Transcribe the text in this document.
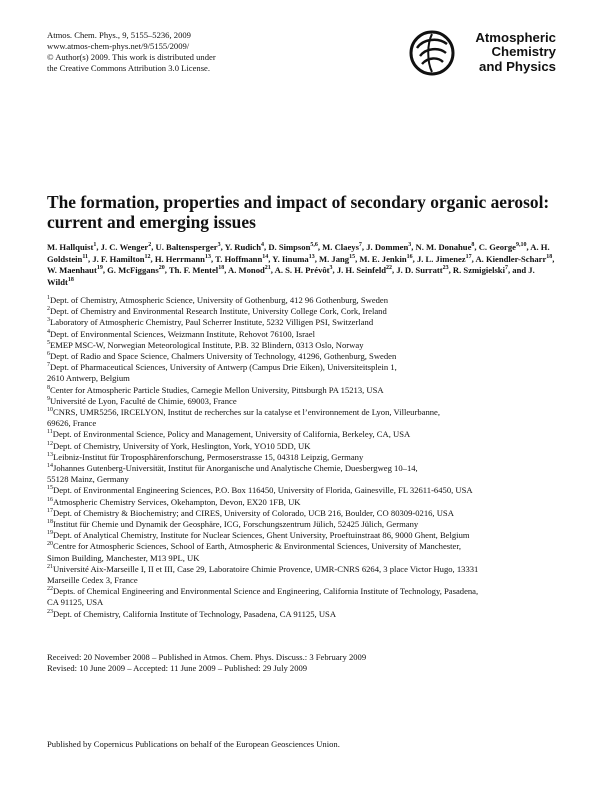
Atmos. Chem. Phys., 9, 5155–5236, 2009
www.atmos-chem-phys.net/9/5155/2009/
© Author(s) 2009. This work is distributed under
the Creative Commons Attribution 3.0 License.
Atmospheric
Chemistry
and Physics
The formation, properties and impact of secondary organic aerosol:
current and emerging issues
M. Hallquist$^1$, J. C. Wenger$^2$, U. Baltensperger$^3$, Y. Rudich$^4$, D. Simpson$^{5,6}$, M. Claeys$^7$, J. Dommen$^3$, N. M. Donahue$^8$, C. George$^{9,10}$, A. H. Goldstein$^{11}$, J. F. Hamilton$^{12}$, H. Herrmann$^{13}$, T. Hoffmann$^{14}$, Y. Iinuma$^{13}$, M. Jang$^{15}$, M. E. Jenkin$^{16}$, J. L. Jimenez$^{17}$, A. Kiendler-Scharr$^{18}$, W. Maenhaut$^{19}$, G. McFiggans$^{20}$, Th. F. Mentel$^{18}$, A. Monod$^{21}$, A. S. H. Prévôt$^3$, J. H. Seinfeld$^{22}$, J. D. Surratt$^{23}$, R. Szmigielski$^7$, and J. Wildt$^{18}$
$^1$Dept. of Chemistry, Atmospheric Science, University of Gothenburg, 412 96 Gothenburg, Sweden
$^2$Dept. of Chemistry and Environmental Research Institute, University College Cork, Cork, Ireland
$^3$Laboratory of Atmospheric Chemistry, Paul Scherrer Institute, 5232 Villigen PSI, Switzerland
$^4$Dept. of Environmental Sciences, Weizmann Institute, Rehovot 76100, Israel
$^5$EMEP MSC-W, Norwegian Meteorological Institute, P.B. 32 Blindern, 0313 Oslo, Norway
$^6$Dept. of Radio and Space Science, Chalmers University of Technology, 41296, Gothenburg, Sweden
$^7$Dept. of Pharmaceutical Sciences, University of Antwerp (Campus Drie Eiken), Universiteitsplein 1,
2610 Antwerp, Belgium
$^8$Center for Atmospheric Particle Studies, Carnegie Mellon University, Pittsburgh PA 15213, USA
$^9$Université de Lyon, Faculté de Chimie, 69003, France
$^{10}$CNRS, UMR5256, IRCELYON, Institut de recherches sur la catalyse et l’environnement de Lyon, Villeurbanne,
69626, France
$^{11}$Dept. of Environmental Science, Policy and Management, University of California, Berkeley, CA, USA
$^{12}$Dept. of Chemistry, University of York, Heslington, York, YO10 5DD, UK
$^{13}$Leibniz-Institut für Troposphärenforschung, Permoserstrasse 15, 04318 Leipzig, Germany
$^{14}$Johannes Gutenberg-Universität, Institut für Anorganische und Analytische Chemie, Duesbergweg 10–14,
55128 Mainz, Germany
$^{15}$Dept. of Environmental Engineering Sciences, P.O. Box 116450, University of Florida, Gainesville, FL 32611-6450, USA
$^{16}$Atmospheric Chemistry Services, Okehampton, Devon, EX20 1FB, UK
$^{17}$Dept. of Chemistry & Biochemistry; and CIRES, University of Colorado, UCB 216, Boulder, CO 80309-0216, USA
$^{18}$Institut für Chemie und Dynamik der Geosphäre, ICG, Forschungszentrum Jülich, 52425 Jülich, Germany
$^{19}$Dept. of Analytical Chemistry, Institute for Nuclear Sciences, Ghent University, Proeftuinstraat 86, 9000 Ghent, Belgium
$^{20}$Centre for Atmospheric Sciences, School of Earth, Atmospheric & Environmental Sciences, University of Manchester,
Simon Building, Manchester, M13 9PL, UK
$^{21}$Université Aix-Marseille I, II et III, Case 29, Laboratoire Chimie Provence, UMR-CNRS 6264, 3 place Victor Hugo, 13331
Marseille Cedex 3, France
$^{22}$Depts. of Chemical Engineering and Environmental Science and Engineering, California Institute of Technology, Pasadena,
CA 91125, USA
$^{23}$Dept. of Chemistry, California Institute of Technology, Pasadena, CA 91125, USA
Received: 20 November 2008 – Published in Atmos. Chem. Phys. Discuss.: 3 February 2009
Revised: 10 June 2009 – Accepted: 11 June 2009 – Published: 29 July 2009
Published by Copernicus Publications on behalf of the European Geosciences Union.
